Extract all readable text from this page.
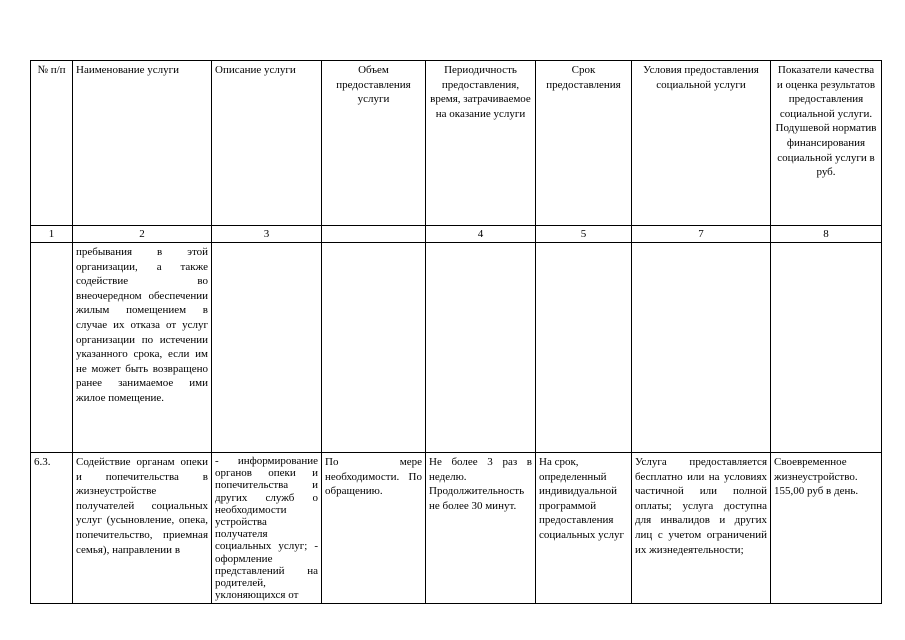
№ п/п	Наименование услуги	Описание услуги	Объем предоставления услуги	Периодичность предоставления, время, затрачиваемое на оказание услуги	Срок предоставления	Условия предоставления социальной услуги	Показатели качества и оценка результатов предоставления социальной услуги. Подушевой норматив финансирования социальной услуги в руб.
1	2	3		4	5	7	8
	пребывания в этой организации, а также содействие во внеочередном обеспечении жилым помещением в случае их отказа от услуг организации по истечении указанного срока, если им не может быть возвращено ранее занимаемое ими жилое помещение.						
6.3.	Содействие органам опеки и попечительства в жизнеустройстве получателей социальных услуг (усыновление, опека, попечительство, приемная семья), направлении в	- информирование органов опеки и попечительства и других служб о необходимости устройства получателя социальных услуг; - оформление представлений на родителей, уклоняющихся от	По мере необходимости. По обращению.	Не более 3 раз в неделю. Продолжительность не более 30 минут.	На срок, определенный индивидуальной программой предоставления социальных услуг	Услуга предоставляется бесплатно или на условиях частичной или полной оплаты; услуга доступна для инвалидов и других лиц с учетом ограничений их жизнедеятельности;	Своевременное жизнеустройство. 155,00 руб в день.
